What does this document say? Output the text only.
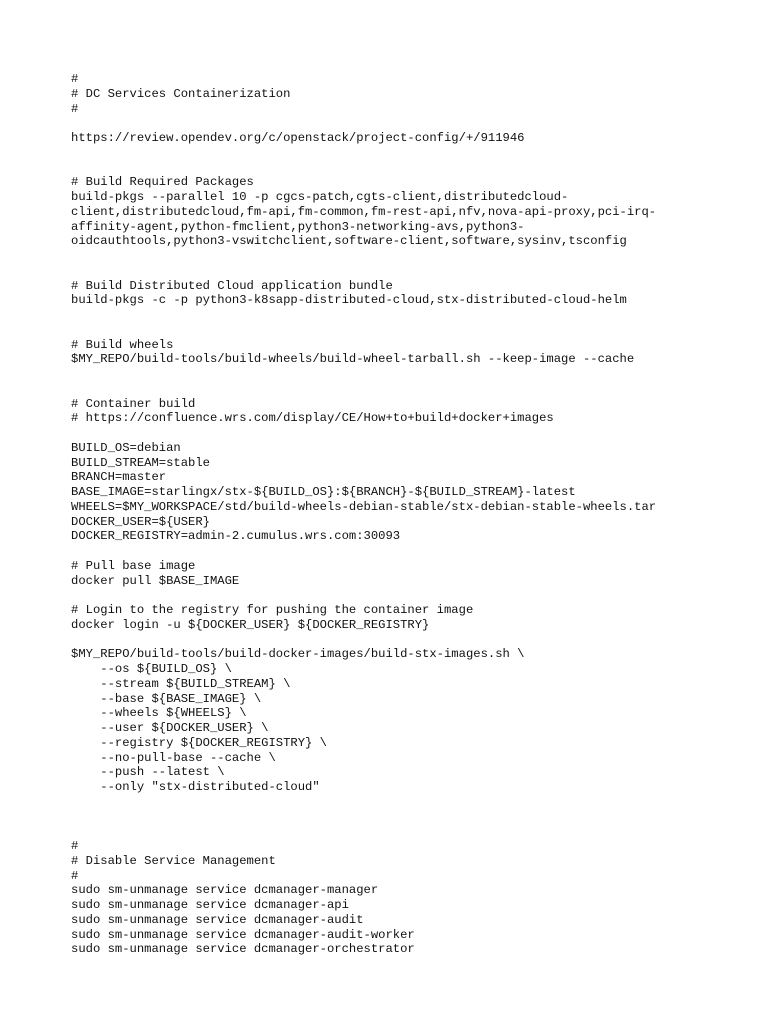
#
# DC Services Containerization
#
https://review.opendev.org/c/openstack/project-config/+/911946
# Build Required Packages
build-pkgs --parallel 10 -p cgcs-patch,cgts-client,distributedcloud-
client,distributedcloud,fm-api,fm-common,fm-rest-api,nfv,nova-api-proxy,pci-irq-
affinity-agent,python-fmclient,python3-networking-avs,python3-
oidcauthtools,python3-vswitchclient,software-client,software,sysinv,tsconfig
# Build Distributed Cloud application bundle
build-pkgs -c -p python3-k8sapp-distributed-cloud,stx-distributed-cloud-helm
# Build wheels
$MY_REPO/build-tools/build-wheels/build-wheel-tarball.sh --keep-image --cache
# Container build
# https://confluence.wrs.com/display/CE/How+to+build+docker+images
BUILD_OS=debian
BUILD_STREAM=stable
BRANCH=master
BASE_IMAGE=starlingx/stx-${BUILD_OS}:${BRANCH}-${BUILD_STREAM}-latest
WHEELS=$MY_WORKSPACE/std/build-wheels-debian-stable/stx-debian-stable-wheels.tar
DOCKER_USER=${USER}
DOCKER_REGISTRY=admin-2.cumulus.wrs.com:30093
# Pull base image
docker pull $BASE_IMAGE
# Login to the registry for pushing the container image
docker login -u ${DOCKER_USER} ${DOCKER_REGISTRY}
$MY_REPO/build-tools/build-docker-images/build-stx-images.sh \
--os ${BUILD_OS} \
--stream ${BUILD_STREAM} \
--base ${BASE_IMAGE} \
--wheels ${WHEELS} \
--user ${DOCKER_USER} \
--registry ${DOCKER_REGISTRY} \
--no-pull-base --cache \
--push --latest \
--only "stx-distributed-cloud"
#
# Disable Service Management
#
sudo sm-unmanage service dcmanager-manager
sudo sm-unmanage service dcmanager-api
sudo sm-unmanage service dcmanager-audit
sudo sm-unmanage service dcmanager-audit-worker
sudo sm-unmanage service dcmanager-orchestrator
